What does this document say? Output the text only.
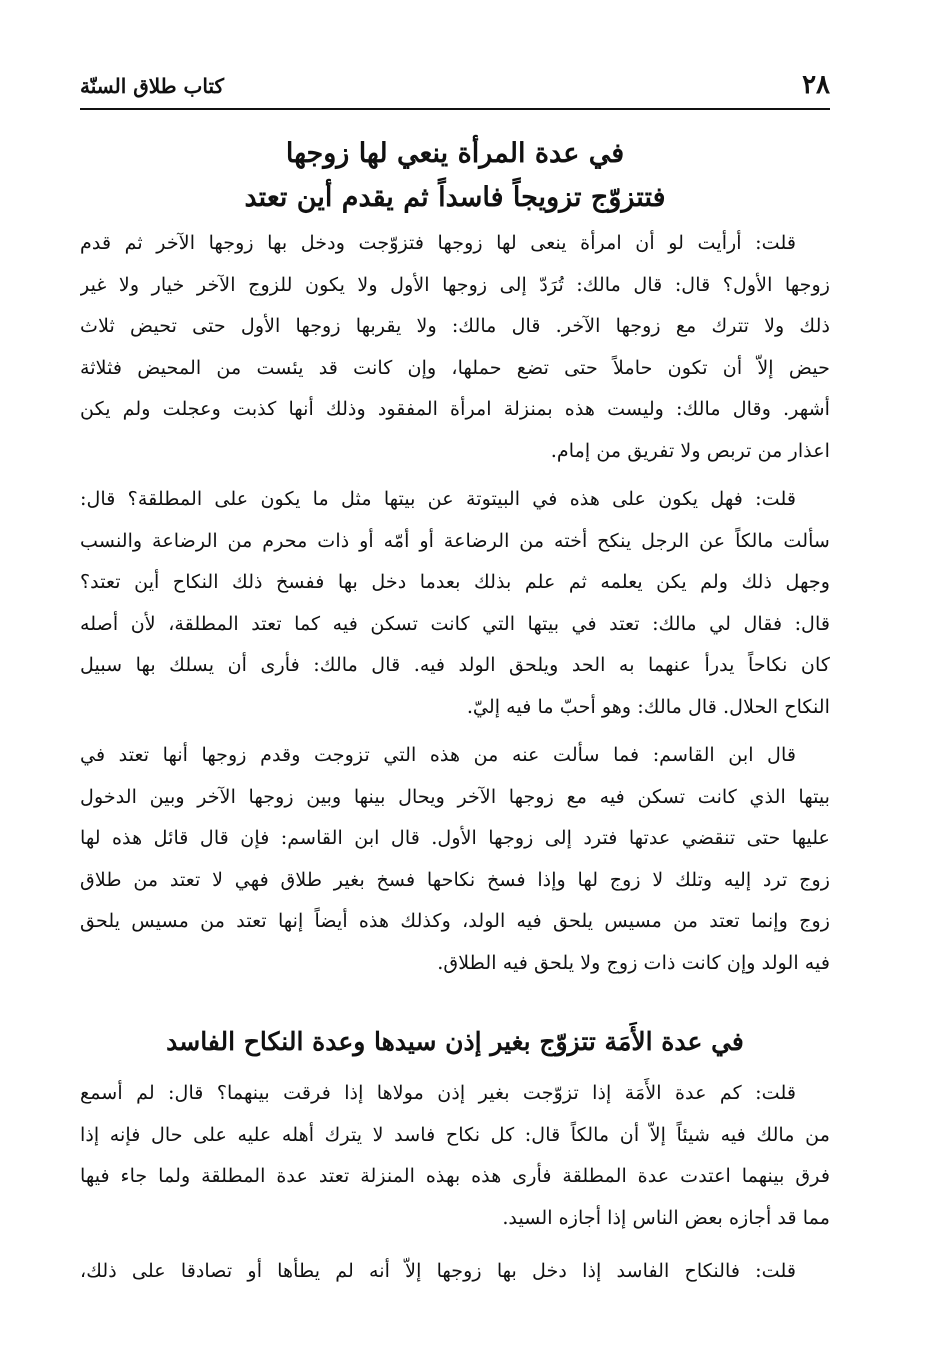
٢٨
كتاب طلاق السنّة
في عدة المرأة ينعي لها زوجها
فتتزوّج تزويجاً فاسداً ثم يقدم أين تعتد
قلت: أرأيت لو أن امرأة ينعى لها زوجها فتزوّجت ودخل بها زوجها الآخر ثم قدم
زوجها الأول؟ قال: قال مالك: تُرَدّ إلى زوجها الأول ولا يكون للزوج الآخر خيار ولا غير
ذلك ولا تترك مع زوجها الآخر. قال مالك: ولا يقربها زوجها الأول حتى تحيض ثلاث
حيض إلاّ أن تكون حاملاً حتى تضع حملها، وإن كانت قد يئست من المحيض فثلاثة
أشهر. وقال مالك: وليست هذه بمنزلة امرأة المفقود وذلك أنها كذبت وعجلت ولم يكن
اعذار من تربص ولا تفريق من إمام.
قلت: فهل يكون على هذه في البيتوتة عن بيتها مثل ما يكون على المطلقة؟ قال:
سألت مالكاً عن الرجل ينكح أخته من الرضاعة أو أمّه أو ذات محرم من الرضاعة والنسب
وجهل ذلك ولم يكن يعلمه ثم علم بذلك بعدما دخل بها ففسخ ذلك النكاح أين تعتد؟
قال: فقال لي مالك: تعتد في بيتها التي كانت تسكن فيه كما تعتد المطلقة، لأن أصله
كان نكاحاً يدرأ عنهما به الحد ويلحق الولد فيه. قال مالك: فأرى أن يسلك بها سبيل
النكاح الحلال. قال مالك: وهو أحبّ ما فيه إليّ.
قال ابن القاسم: فما سألت عنه من هذه التي تزوجت وقدم زوجها أنها تعتد في
بيتها الذي كانت تسكن فيه مع زوجها الآخر ويحال بينها وبين زوجها الآخر وبين الدخول
عليها حتى تنقضي عدتها فترد إلى زوجها الأول. قال ابن القاسم: فإن قال قائل هذه لها
زوج ترد إليه وتلك لا زوج لها وإذا فسخ نكاحها فسخ بغير طلاق فهي لا تعتد من طلاق
زوج وإنما تعتد من مسيس يلحق فيه الولد، وكذلك هذه أيضاً إنها تعتد من مسيس يلحق
فيه الولد وإن كانت ذات زوج ولا يلحق فيه الطلاق.
في عدة الأَمَة تتزوّج بغير إذن سيدها وعدة النكاح الفاسد
قلت: كم عدة الأَمَة إذا تزوّجت بغير إذن مولاها إذا فرقت بينهما؟ قال: لم أسمع
من مالك فيه شيئاً إلاّ أن مالكاً قال: كل نكاح فاسد لا يترك أهله عليه على حال فإنه إذا
فرق بينهما اعتدت عدة المطلقة فأرى هذه بهذه المنزلة تعتد عدة المطلقة ولما جاء فيها
مما قد أجازه بعض الناس إذا أجازه السيد.
قلت: فالنكاح الفاسد إذا دخل بها زوجها إلاّ أنه لم يطأها أو تصادقا على ذلك،
